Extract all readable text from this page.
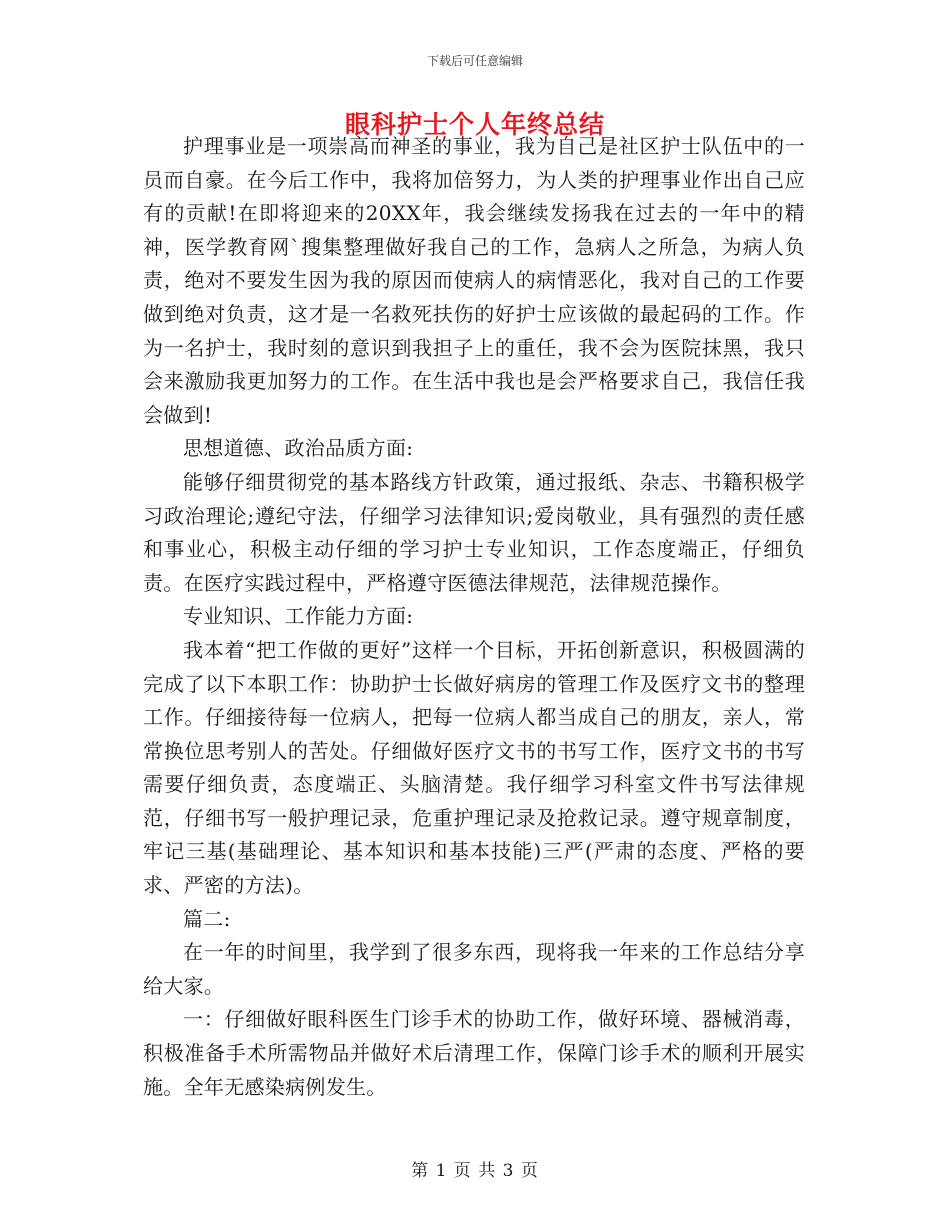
下载后可任意编辑

护理事业是一项崇高而神圣的事业，我为自己是社区护士队伍中的一员而自豪。在今后工作中，我将加倍努力，为人类的护理事业作出自己应有的贡献!在即将迎来的20XX年，我会继续发扬我在过去的一年中的精神，医学教育网`搜集整理做好我自己的工作，急病人之所急，为病人负责，绝对不要发生因为我的原因而使病人的病情恶化，我对自己的工作要做到绝对负责，这才是一名救死扶伤的好护士应该做的最起码的工作。作为一名护士，我时刻的意识到我担子上的重任，我不会为医院抹黑，我只会来激励我更加努力的工作。在生活中我也是会严格要求自己，我信任我会做到!

思想道德、政治品质方面:

能够仔细贯彻党的基本路线方针政策，通过报纸、杂志、书籍积极学习政治理论;遵纪守法，仔细学习法律知识;爱岗敬业，具有强烈的责任感和事业心，积极主动仔细的学习护士专业知识，工作态度端正，仔细负责。在医疗实践过程中，严格遵守医德法律规范，法律规范操作。

专业知识、工作能力方面:

我本着“把工作做的更好”这样一个目标，开拓创新意识，积极圆满的完成了以下本职工作：协助护士长做好病房的管理工作及医疗文书的整理工作。仔细接待每一位病人，把每一位病人都当成自己的朋友，亲人，常常换位思考别人的苦处。仔细做好医疗文书的书写工作，医疗文书的书写需要仔细负责，态度端正、头脑清楚。我仔细学习科室文件书写法律规范，仔细书写一般护理记录，危重护理记录及抢救记录。遵守规章制度，牢记三基(基础理论、基本知识和基本技能)三严(严肃的态度、严格的要求、严密的方法)。

篇二:

在一年的时间里，我学到了很多东西，现将我一年来的工作总结分享给大家。

一：仔细做好眼科医生门诊手术的协助工作，做好环境、器械消毒，积极准备手术所需物品并做好术后清理工作，保障门诊手术的顺利开展实施。全年无感染病例发生。

眼科护士个人年终总结
第 1 页 共 3 页
